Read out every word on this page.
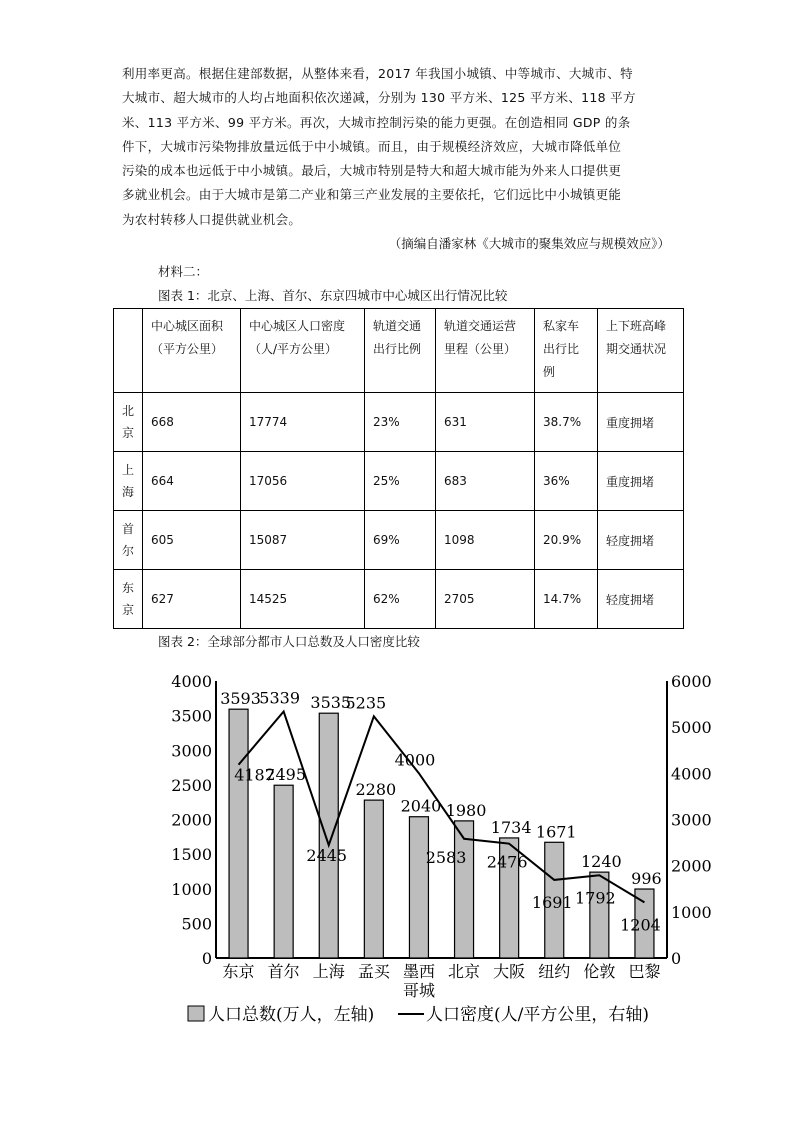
利用率更高。根据住建部数据，从整体来看，2017 年我国小城镇、中等城市、大城市、特

大城市、超大城市的人均占地面积依次递减，分别为 130 平方米、125 平方米、118 平方

米、113 平方米、99 平方米。再次，大城市控制污染的能力更强。在创造相同 GDP 的条

件下，大城市污染物排放量远低于中小城镇。而且，由于规模经济效应，大城市降低单位

污染的成本也远低于中小城镇。最后，大城市特别是特大和超大城市能为外来人口提供更

多就业机会。由于大城市是第二产业和第三产业发展的主要依托，它们远比中小城镇更能

为农村转移人口提供就业机会。

（摘编自潘家林《大城市的聚集效应与规模效应》）
材料二：
图表 1：北京、上海、首尔、东京四城市中心城区出行情况比较
	中心城区面积（平方公里）	中心城区人口密度（人/平方公里）	轨道交通出行比例	轨道交通运营里程（公里）	私家车出行比例	上下班高峰期交通状况
北京	668	17774	23%	631	38.7%	重度拥堵
上海	664	17056	25%	683	36%	重度拥堵
首尔	605	15087	69%	1098	20.9%	轻度拥堵
东京	627	14525	62%	2705	14.7%	轻度拥堵
图表 2：全球部分都市人口总数及人口密度比较
0
500
1000
1500
2000
2500
3000
3500
4000
0
1000
2000
3000
4000
5000
6000
3593
2495
3535
2280
2040 1980
1734 1671
1240
996
4187
5339
2445
5235
4000
2583 2476
1691 1792
1204
东京 首尔 上海 孟买 墨西哥城
北京 大阪 纽约 伦敦 巴黎
人口总数(万人，左轴)	人口密度(人/平方公里，右轴)
